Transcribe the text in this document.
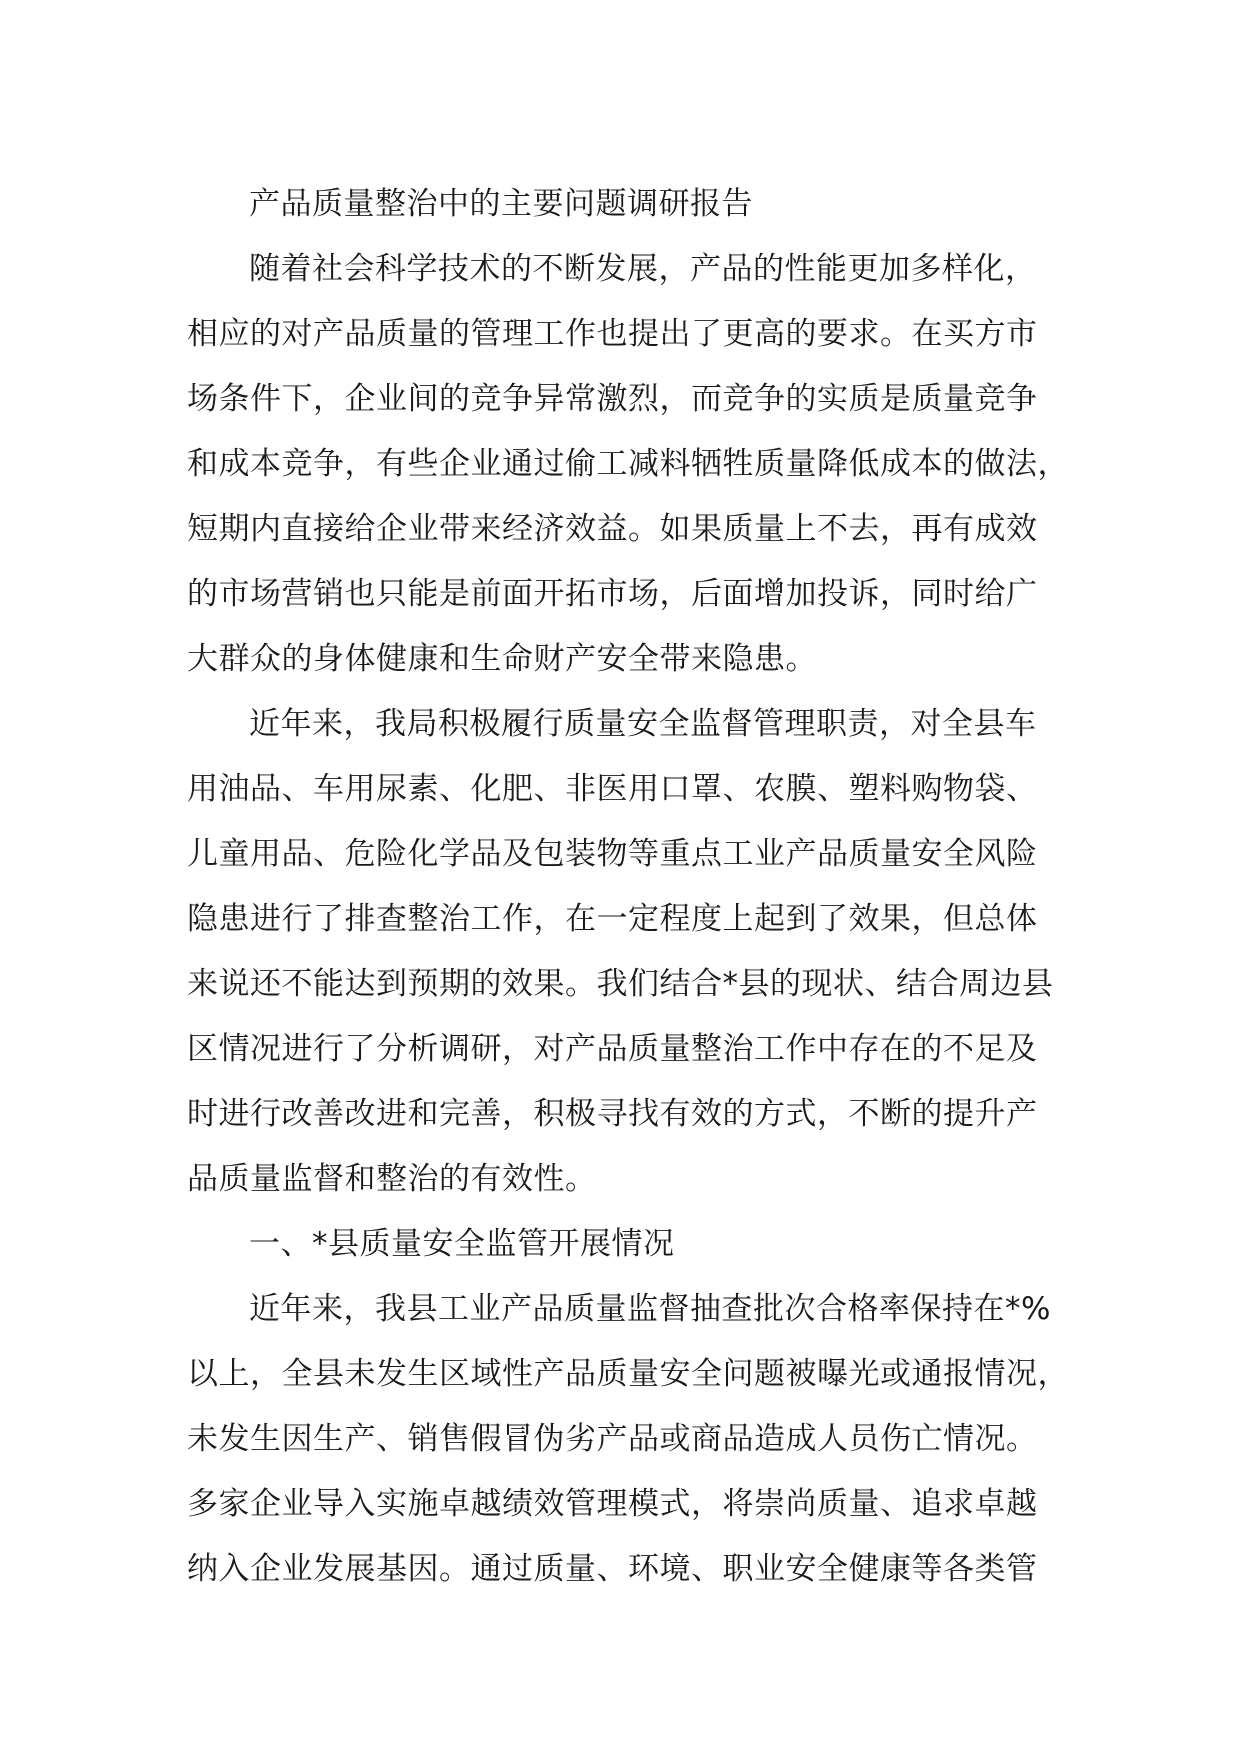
产品质量整治中的主要问题调研报告
随着社会科学技术的不断发展，产品的性能更加多样化，
相应的对产品质量的管理工作也提出了更高的要求。在买方市
场条件下，企业间的竞争异常激烈，而竞争的实质是质量竞争
和成本竞争，有些企业通过偷工减料牺牲质量降低成本的做法，
短期内直接给企业带来经济效益。如果质量上不去，再有成效
的市场营销也只能是前面开拓市场，后面增加投诉，同时给广
大群众的身体健康和生命财产安全带来隐患。
近年来，我局积极履行质量安全监督管理职责，对全县车
用油品、车用尿素、化肥、非医用口罩、农膜、塑料购物袋、
儿童用品、危险化学品及包装物等重点工业产品质量安全风险
隐患进行了排查整治工作，在一定程度上起到了效果，但总体
来说还不能达到预期的效果。我们结合*县的现状、结合周边县
区情况进行了分析调研，对产品质量整治工作中存在的不足及
时进行改善改进和完善，积极寻找有效的方式，不断的提升产
品质量监督和整治的有效性。
一、*县质量安全监管开展情况
近年来，我县工业产品质量监督抽查批次合格率保持在*%
以上，全县未发生区域性产品质量安全问题被曝光或通报情况，
未发生因生产、销售假冒伪劣产品或商品造成人员伤亡情况。
多家企业导入实施卓越绩效管理模式，将崇尚质量、追求卓越
纳入企业发展基因。通过质量、环境、职业安全健康等各类管
